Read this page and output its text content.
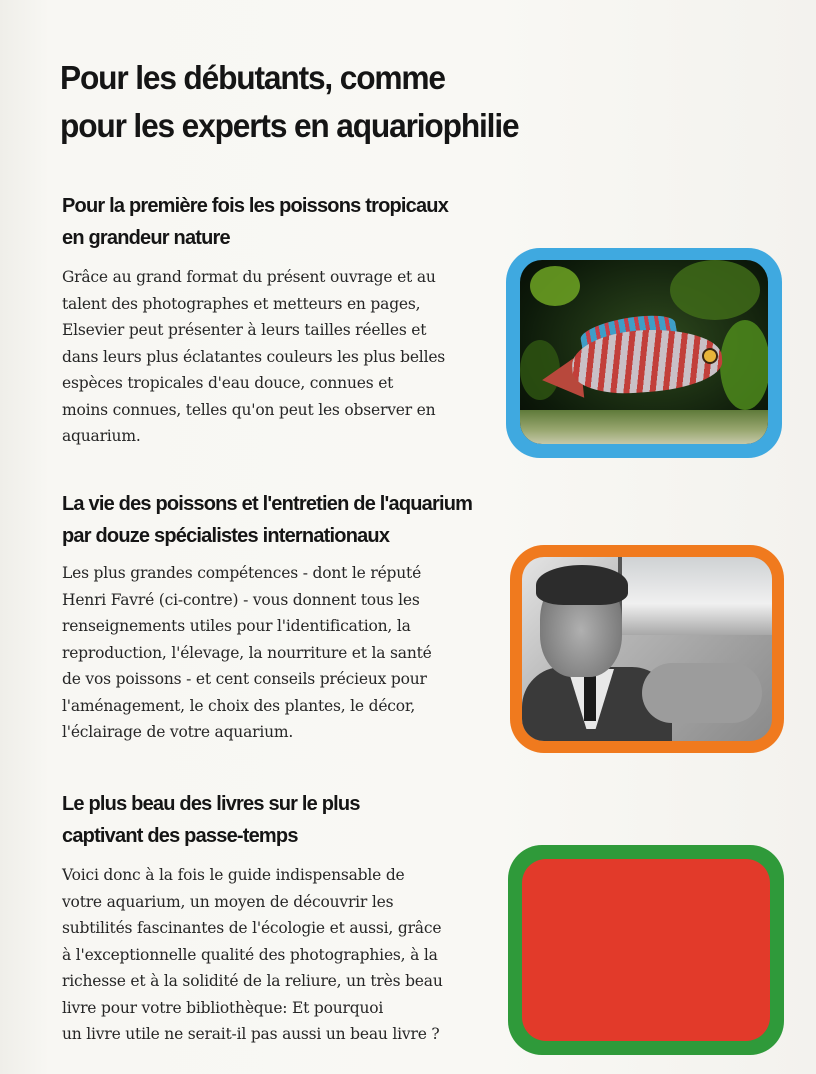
Pour les débutants, comme
pour les experts en aquariophilie
Pour la première fois les poissons tropicaux
en grandeur nature
Grâce au grand format du présent ouvrage et au
talent des photographes et metteurs en pages,
Elsevier peut présenter à leurs tailles réelles et
dans leurs plus éclatantes couleurs les plus belles
espèces tropicales d'eau douce, connues et
moins connues, telles qu'on peut les observer en
aquarium.
La vie des poissons et l'entretien de l'aquarium
par douze spécialistes internationaux
Les plus grandes compétences - dont le réputé
Henri Favré (ci-contre) - vous donnent tous les
renseignements utiles pour l'identification, la
reproduction, l'élevage, la nourriture et la santé
de vos poissons - et cent conseils précieux pour
l'aménagement, le choix des plantes, le décor,
l'éclairage de votre aquarium.
Le plus beau des livres sur le plus
captivant des passe-temps
Voici donc à la fois le guide indispensable de
votre aquarium, un moyen de découvrir les
subtilités fascinantes de l'écologie et aussi, grâce
à l'exceptionnelle qualité des photographies, à la
richesse et à la solidité de la reliure, un très beau
livre pour votre bibliothèque: Et pourquoi
un livre utile ne serait-il pas aussi un beau livre ?
